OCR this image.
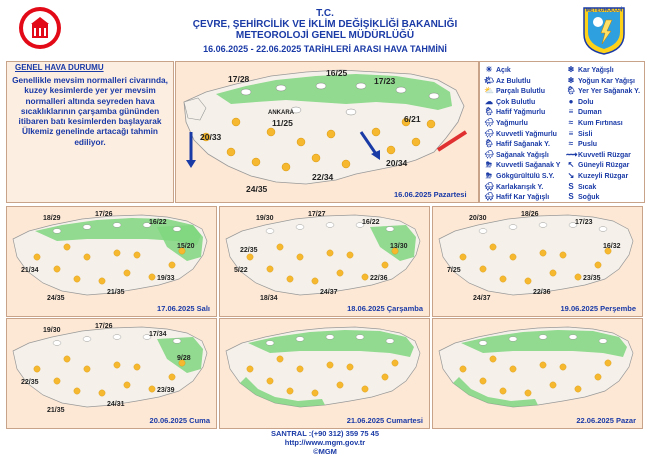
T.C.
ÇEVRE, ŞEHİRCİLİK VE İKLİM DEĞİŞİKLİĞİ BAKANLIĞI
METEOROLOJİ GENEL MÜDÜRLÜĞÜ
16.06.2025 - 22.06.2025 TARİHLERİ ARASI HAVA TAHMİNİ
METEOROLOJİ
GENEL HAVA DURUMU
Genellikle mevsim normalleri civarında, kuzey kesimlerde yer yer mevsim normalleri altında seyreden hava sıcaklıklarının çarşamba gününden itibaren batı kesimlerden başlayarak Ülkemiz genelinde artacağı tahmin ediliyor.
17/28
16/25
17/23
ANKARA
11/25	6/21
20/33
20/34
22/34
24/35
16.06.2025 Pazartesi
☀ Açık
🌤 Az Bulutlu
⛅ Parçalı Bulutlu
☁ Çok Bulutlu
🌦 Hafif Yağmurlu
🌧 Yağmurlu
🌧 Kuvvetli Yağmurlu
🌦 Hafif Sağanak Y.
🌧 Sağanak Yağışlı
⛈ Kuvvetli Sağanak Y
⛈ Gökgürültülü S.Y.
🌨 Karlakarışık Y.
🌨 Hafif Kar Yağışlı
❄ Kar Yağışlı
❄ Yoğun Kar Yağışı
🌦 Yer Yer Sağanak Y.
● Dolu
≡ Duman
≈ Kum Fırtınası
≡ Sisli
≈ Puslu
⟿Kuvvetli Rüzgar
↖ Güneyli Rüzgar
↘ Kuzeyli Rüzgar
S Sıcak
S Soğuk
18/29
17/26
16/22
15/20
21/34
19/33
24/35
21/35
17.06.2025 Salı
19/30
17/27
16/22
13/30
5/22
22/36
18/34
24/37
22/35
18.06.2025 Çarşamba
20/30
18/26
17/23
16/32
7/25
23/35
24/37
22/36
19.06.2025 Perşembe
19/30
17/26
17/34
9/28
22/35
23/39
21/35
24/31
20.06.2025 Cuma	21.06.2025 Cumartesi	22.06.2025 Pazar
SANTRAL :(+90 312) 359 75 45
http://www.mgm.gov.tr
©MGM
